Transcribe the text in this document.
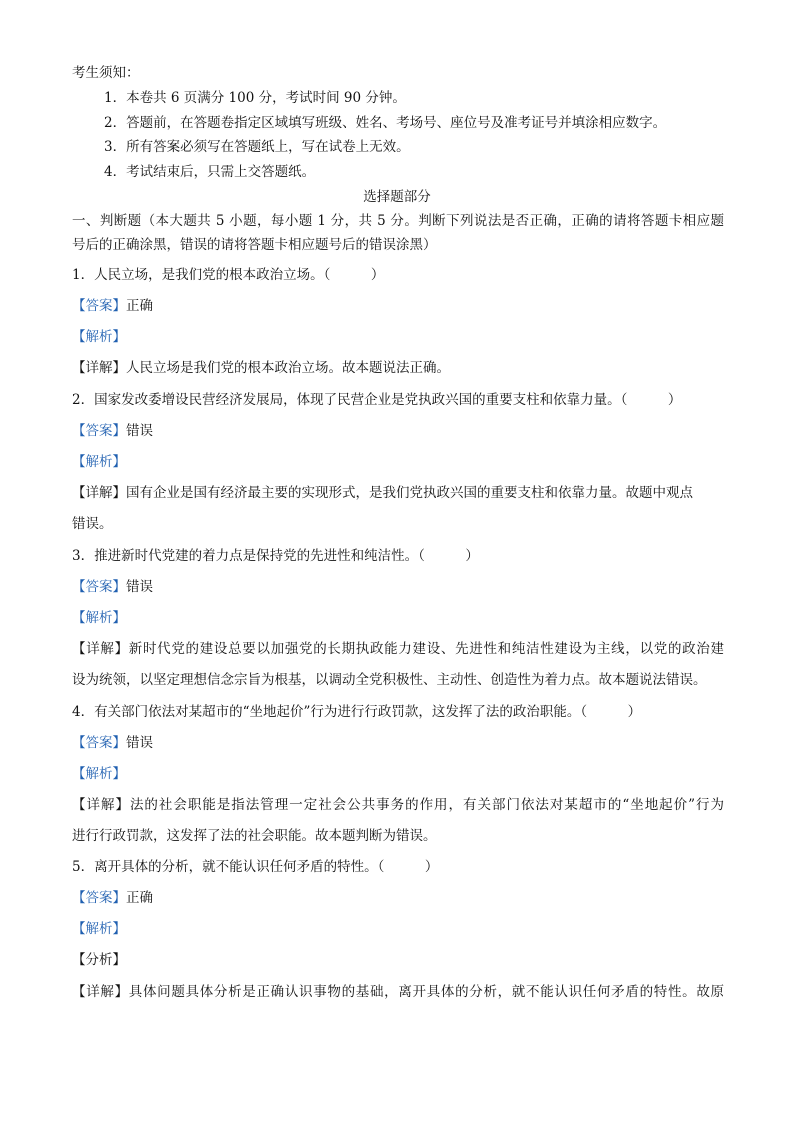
考生须知：
1．本卷共 6 页满分 100 分，考试时间 90 分钟。
2．答题前，在答题卷指定区域填写班级、姓名、考场号、座位号及准考证号并填涂相应数字。
3．所有答案必须写在答题纸上，写在试卷上无效。
4．考试结束后，只需上交答题纸。
选择题部分
一、判断题（本大题共 5 小题，每小题 1 分，共 5 分。判断下列说法是否正确，正确的请将答题卡相应题
号后的正确涂黑，错误的请将答题卡相应题号后的错误涂黑）
1．人民立场，是我们党的根本政治立场。（　　　）
【答案】正确
【解析】
【详解】人民立场是我们党的根本政治立场。故本题说法正确。
2．国家发改委增设民营经济发展局，体现了民营企业是党执政兴国的重要支柱和依靠力量。（　　　）
【答案】错误
【解析】
【详解】国有企业是国有经济最主要的实现形式，是我们党执政兴国的重要支柱和依靠力量。故题中观点
错误。
3．推进新时代党建的着力点是保持党的先进性和纯洁性。（　　　）
【答案】错误
【解析】
【详解】新时代党的建设总要以加强党的长期执政能力建设、先进性和纯洁性建设为主线，以党的政治建
设为统领，以坚定理想信念宗旨为根基，以调动全党积极性、主动性、创造性为着力点。故本题说法错误。
4．有关部门依法对某超市的“坐地起价”行为进行行政罚款，这发挥了法的政治职能。（　　　）
【答案】错误
【解析】
【详解】法的社会职能是指法管理一定社会公共事务的作用，有关部门依法对某超市的“坐地起价”行为
进行行政罚款，这发挥了法的社会职能。故本题判断为错误。
5．离开具体的分析，就不能认识任何矛盾的特性。（　　　）
【答案】正确
【解析】
【分析】
【详解】具体问题具体分析是正确认识事物的基础，离开具体的分析，就不能认识任何矛盾的特性。故原
